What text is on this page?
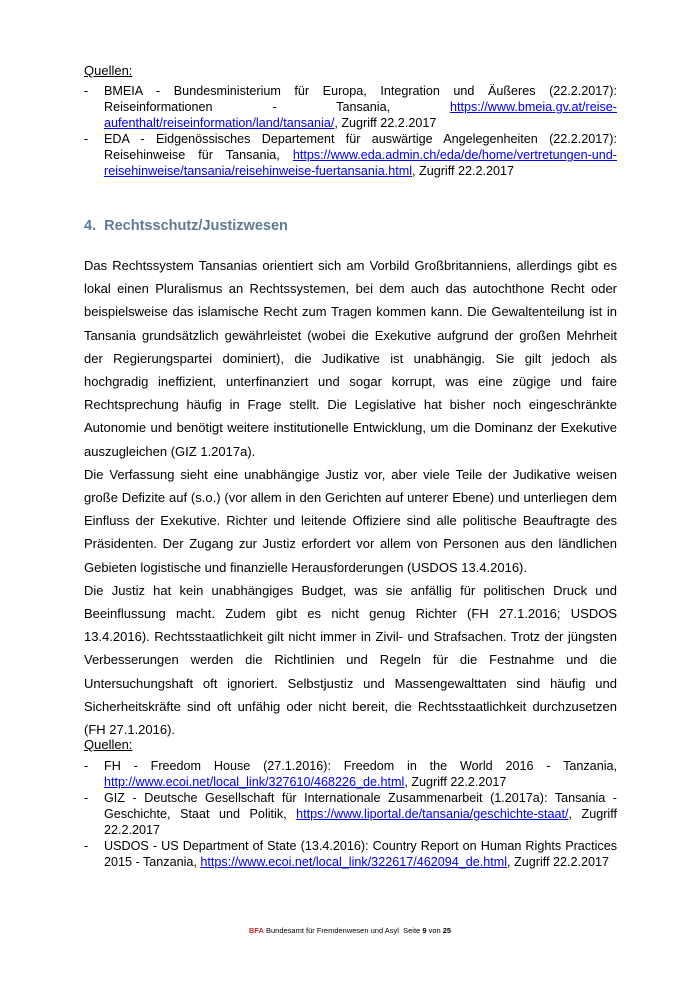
Quellen:

- BMEIA - Bundesministerium für Europa, Integration und Äußeres (22.2.2017): Reiseinformationen - Tansania, https://www.bmeia.gv.at/reise-aufenthalt/reiseinformation/land/tansania/, Zugriff 22.2.2017
- EDA - Eidgenössisches Departement für auswärtige Angelegenheiten (22.2.2017): Reisehinweise für Tansania, https://www.eda.admin.ch/eda/de/home/vertretungen-und-reisehinweise/tansania/reisehinweise-fuertansania.html, Zugriff 22.2.2017
4.  Rechtsschutz/Justizwesen

Das Rechtssystem Tansanias orientiert sich am Vorbild Großbritanniens, allerdings gibt es lokal einen Pluralismus an Rechtssystemen, bei dem auch das autochthone Recht oder beispielsweise das islamische Recht zum Tragen kommen kann. Die Gewaltenteilung ist in Tansania grundsätzlich gewährleistet (wobei die Exekutive aufgrund der großen Mehrheit der Regierungspartei dominiert), die Judikative ist unabhängig. Sie gilt jedoch als hochgradig ineffizient, unterfinanziert und sogar korrupt, was eine zügige und faire Rechtsprechung häufig in Frage stellt. Die Legislative hat bisher noch eingeschränkte Autonomie und benötigt weitere institutionelle Entwicklung, um die Dominanz der Exekutive auszugleichen (GIZ 1.2017a).

Die Verfassung sieht eine unabhängige Justiz vor, aber viele Teile der Judikative weisen große Defizite auf (s.o.) (vor allem in den Gerichten auf unterer Ebene) und unterliegen dem Einfluss der Exekutive. Richter und leitende Offiziere sind alle politische Beauftragte des Präsidenten. Der Zugang zur Justiz erfordert vor allem von Personen aus den ländlichen Gebieten logistische und finanzielle Herausforderungen (USDOS 13.4.2016).

Die Justiz hat kein unabhängiges Budget, was sie anfällig für politischen Druck und Beeinflussung macht. Zudem gibt es nicht genug Richter (FH 27.1.2016; USDOS 13.4.2016). Rechtsstaatlichkeit gilt nicht immer in Zivil- und Strafsachen. Trotz der jüngsten Verbesserungen werden die Richtlinien und Regeln für die Festnahme und die Untersuchungshaft oft ignoriert. Selbstjustiz und Massengewalttaten sind häufig und Sicherheitskräfte sind oft unfähig oder nicht bereit, die Rechtsstaatlichkeit durchzusetzen (FH 27.1.2016).

Quellen:

- FH - Freedom House (27.1.2016): Freedom in the World 2016 - Tanzania, http://www.ecoi.net/local_link/327610/468226_de.html, Zugriff 22.2.2017
- GIZ - Deutsche Gesellschaft für Internationale Zusammenarbeit (1.2017a): Tansania - Geschichte, Staat und Politik, https://www.liportal.de/tansania/geschichte-staat/, Zugriff 22.2.2017
- USDOS - US Department of State (13.4.2016): Country Report on Human Rights Practices 2015 - Tanzania, https://www.ecoi.net/local_link/322617/462094_de.html, Zugriff 22.2.2017
BFA Bundesamt für Fremdenwesen und Asyl  Seite 9 von 25
